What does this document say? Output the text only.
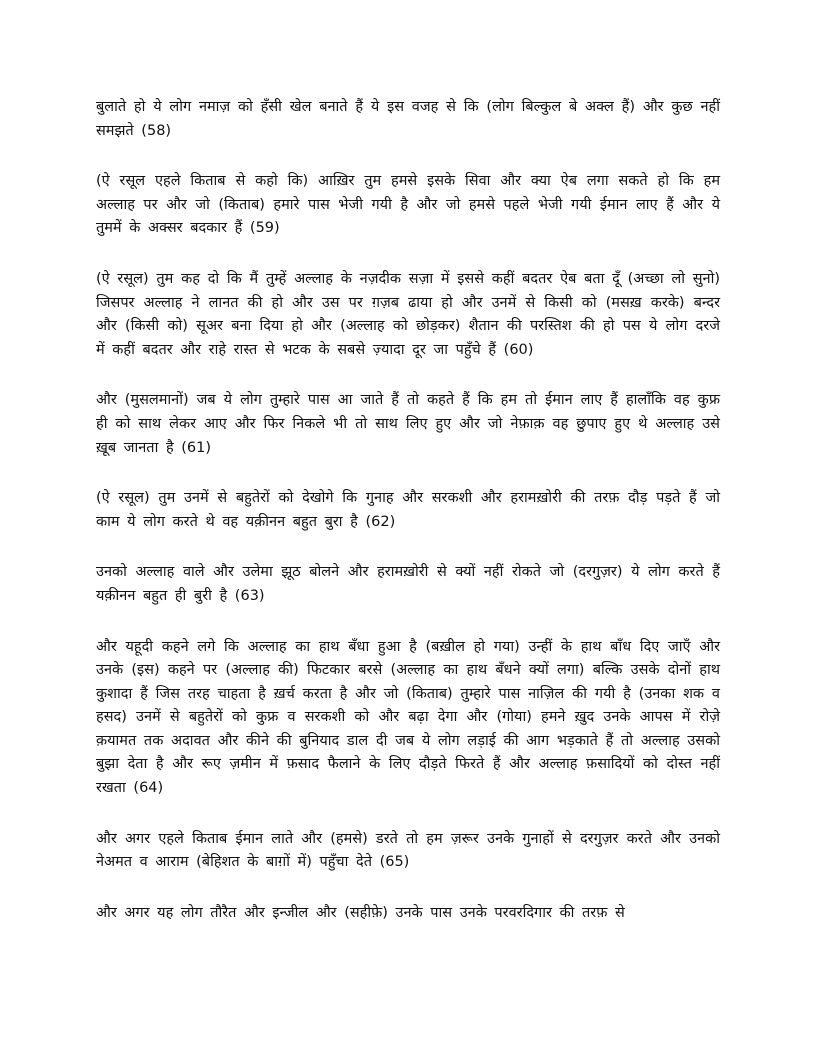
बुलाते हो ये लोग नमाज़ को हँसी खेल बनाते हैं ये इस वजह से कि (लोग बिल्कुल बे अक्ल हैं) और कुछ नहीं समझते (58)

(ऐ रसूल एहले किताब से कहो कि) आख़िर तुम हमसे इसके सिवा और क्या ऐब लगा सकते हो कि हम अल्लाह पर और जो (किताब) हमारे पास भेजी गयी है और जो हमसे पहले भेजी गयी ईमान लाए हैं और ये तुममें के अक्सर बदकार हैं (59)

(ऐ रसूल) तुम कह दो कि मैं तुम्हें अल्लाह के नज़दीक सज़ा में इससे कहीं बदतर ऐब बता दूँ (अच्छा लो सुनो) जिसपर अल्लाह ने लानत की हो और उस पर ग़ज़ब ढाया हो और उनमें से किसी को (मसख़ करके) बन्दर और (किसी को) सूअर बना दिया हो और (अल्लाह को छोड़कर) शैतान की परस्तिश की हो पस ये लोग दरजे में कहीं बदतर और राहे रास्त से भटक के सबसे ज़्यादा दूर जा पहुँचे हैं (60)

और (मुसलमानों) जब ये लोग तुम्हारे पास आ जाते हैं तो कहते हैं कि हम तो ईमान लाए हैं हालाँकि वह कुफ्र ही को साथ लेकर आए और फिर निकले भी तो साथ लिए हुए और जो नेफ़ाक़ वह छुपाए हुए थे अल्लाह उसे ख़ूब जानता है (61)

(ऐ रसूल) तुम उनमें से बहुतेरों को देखोगे कि गुनाह और सरकशी और हरामख़ोरी की तरफ़ दौड़ पड़ते हैं जो काम ये लोग करते थे वह यक़ीनन बहुत बुरा है (62)

उनको अल्लाह वाले और उलेमा झूठ बोलने और हरामख़ोरी से क्यों नहीं रोकते जो (दरगुज़र) ये लोग करते हैं यक़ीनन बहुत ही बुरी है (63)

और यहूदी कहने लगे कि अल्लाह का हाथ बँधा हुआ है (बख़ील हो गया) उन्हीं के हाथ बाँध दिए जाएँ और उनके (इस) कहने पर (अल्लाह की) फिटकार बरसे (अल्लाह का हाथ बँधने क्यों लगा) बल्कि उसके दोनों हाथ कुशादा हैं जिस तरह चाहता है ख़र्च करता है और जो (किताब) तुम्हारे पास नाज़िल की गयी है (उनका शक व हसद) उनमें से बहुतेरों को कुफ्र व सरकशी को और बढ़ा देगा और (गोया) हमने ख़ुद उनके आपस में रोज़े क़यामत तक अदावत और कीने की बुनियाद डाल दी जब ये लोग लड़ाई की आग भड़काते हैं तो अल्लाह उसको बुझा देता है और रूए ज़मीन में फ़साद फैलाने के लिए दौड़ते फिरते हैं और अल्लाह फ़सादियों को दोस्त नहीं रखता (64)

और अगर एहले किताब ईमान लाते और (हमसे) डरते तो हम ज़रूर उनके गुनाहों से दरगुज़र करते और उनको नेअमत व आराम (बेहिशत के बाग़ों में) पहुँचा देते (65)

और अगर यह लोग तौरैत और इन्जील और (सहीफ़े) उनके पास उनके परवरदिगार की तरफ़ से
